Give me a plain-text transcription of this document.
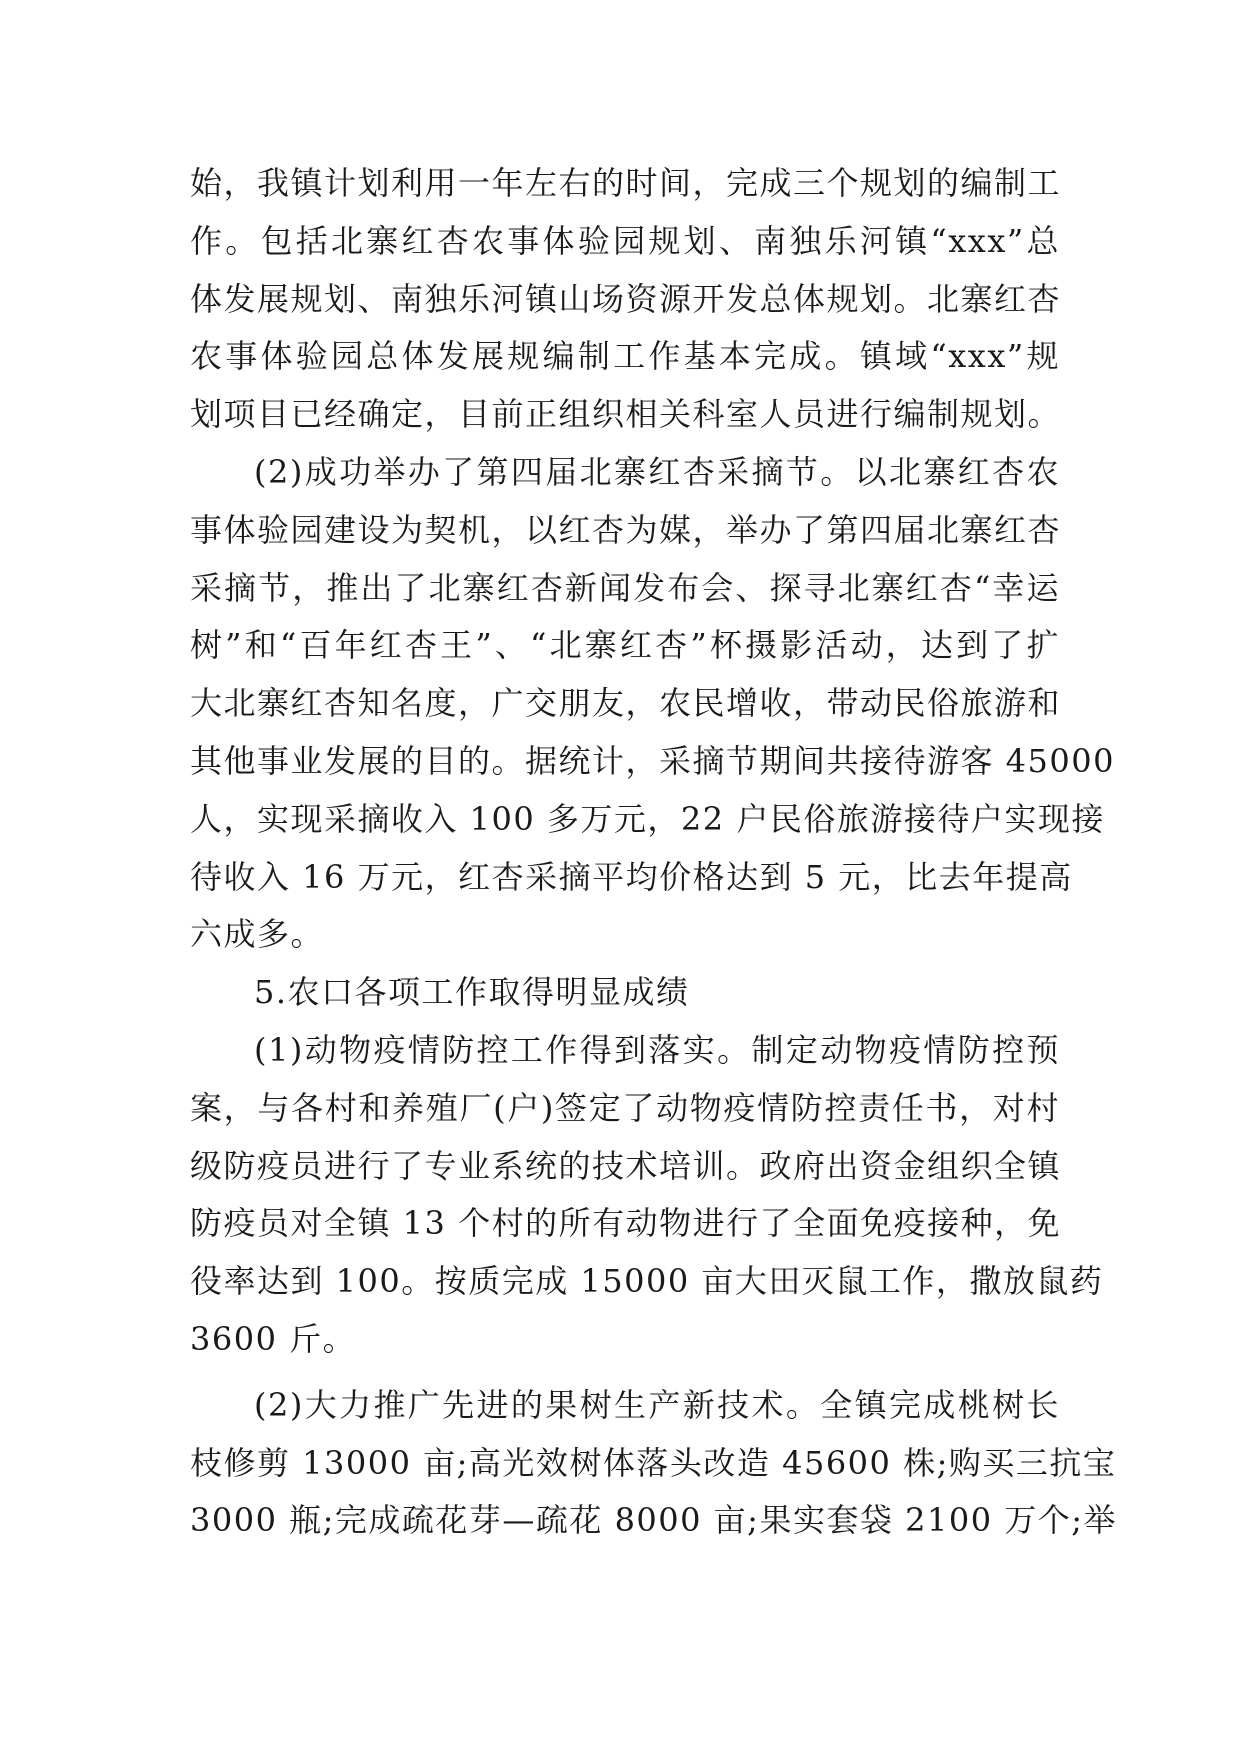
始，我镇计划利用一年左右的时间，完成三个规划的编制工
作。包括北寨红杏农事体验园规划、南独乐河镇“xxx”总
体发展规划、南独乐河镇山场资源开发总体规划。北寨红杏
农事体验园总体发展规编制工作基本完成。镇域“xxx”规
划项目已经确定，目前正组织相关科室人员进行编制规划。
(2)成功举办了第四届北寨红杏采摘节。以北寨红杏农
事体验园建设为契机，以红杏为媒，举办了第四届北寨红杏
采摘节，推出了北寨红杏新闻发布会、探寻北寨红杏“幸运
树”和“百年红杏王”、“北寨红杏”杯摄影活动，达到了扩
大北寨红杏知名度，广交朋友，农民增收，带动民俗旅游和
其他事业发展的目的。据统计，采摘节期间共接待游客 45000
人，实现采摘收入 100 多万元，22 户民俗旅游接待户实现接
待收入 16 万元，红杏采摘平均价格达到 5 元，比去年提高
六成多。
5.农口各项工作取得明显成绩
(1)动物疫情防控工作得到落实。制定动物疫情防控预
案，与各村和养殖厂(户)签定了动物疫情防控责任书，对村
级防疫员进行了专业系统的技术培训。政府出资金组织全镇
防疫员对全镇 13 个村的所有动物进行了全面免疫接种，免
役率达到 100。按质完成 15000 亩大田灭鼠工作，撒放鼠药
3600 斤。
(2)大力推广先进的果树生产新技术。全镇完成桃树长
枝修剪 13000 亩;高光效树体落头改造 45600 株;购买三抗宝
3000 瓶;完成疏花芽—疏花 8000 亩;果实套袋 2100 万个;举
